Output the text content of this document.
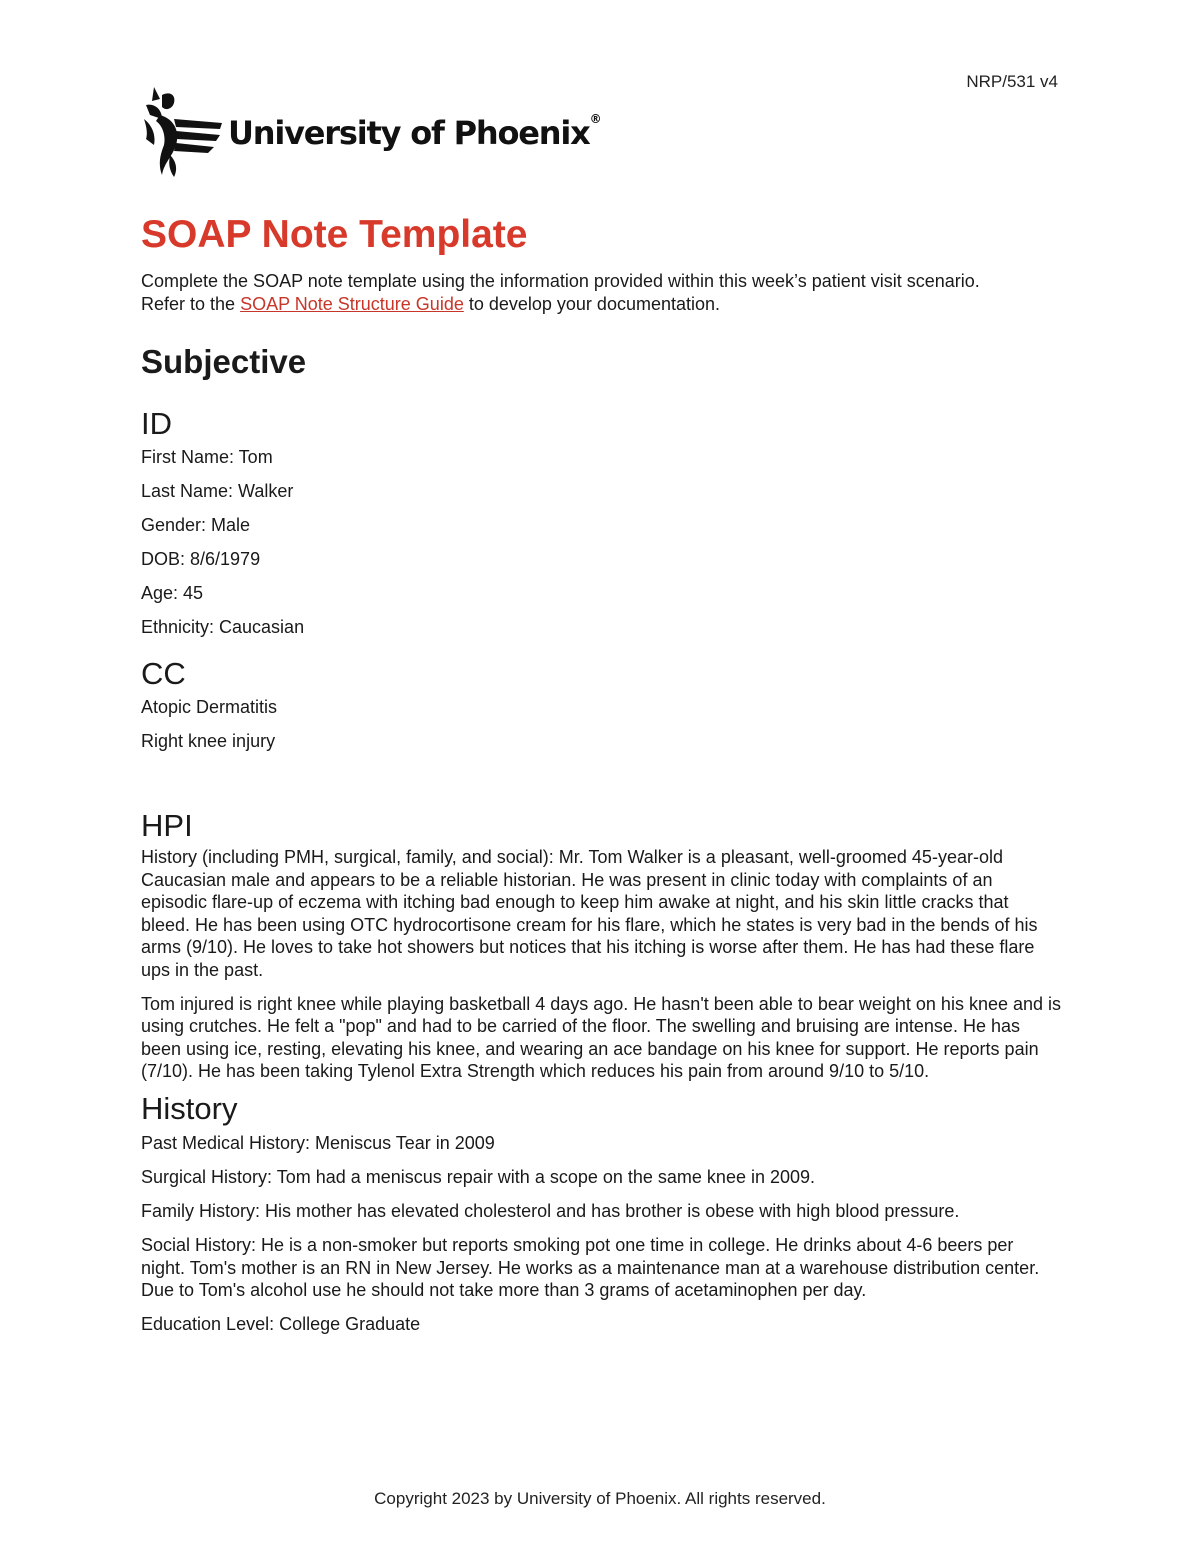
NRP/531 v4
University of Phoenix®
SOAP Note Template

Complete the SOAP note template using the information provided within this week’s patient visit scenario.
Refer to the SOAP Note Structure Guide to develop your documentation.

Subjective
ID

First Name: Tom

Last Name: Walker

Gender: Male

DOB: 8/6/1979

Age: 45

Ethnicity: Caucasian

CC

Atopic Dermatitis

Right knee injury

HPI

History (including PMH, surgical, family, and social): Mr. Tom Walker is a pleasant, well-groomed 45-year-old Caucasian male and appears to be a reliable historian. He was present in clinic today with complaints of an episodic flare-up of eczema with itching bad enough to keep him awake at night, and his skin little cracks that bleed. He has been using OTC hydrocortisone cream for his flare, which he states is very bad in the bends of his arms (9/10). He loves to take hot showers but notices that his itching is worse after them. He has had these flare ups in the past.

Tom injured is right knee while playing basketball 4 days ago. He hasn't been able to bear weight on his knee and is using crutches. He felt a "pop" and had to be carried of the floor. The swelling and bruising are intense. He has been using ice, resting, elevating his knee, and wearing an ace bandage on his knee for support. He reports pain (7/10). He has been taking Tylenol Extra Strength which reduces his pain from around 9/10 to 5/10.

History

Past Medical History: Meniscus Tear in 2009

Surgical History: Tom had a meniscus repair with a scope on the same knee in 2009.

Family History: His mother has elevated cholesterol and has brother is obese with high blood pressure.

Social History: He is a non-smoker but reports smoking pot one time in college. He drinks about 4-6 beers per night. Tom's mother is an RN in New Jersey. He works as a maintenance man at a warehouse distribution center. Due to Tom's alcohol use he should not take more than 3 grams of acetaminophen per day.

Education Level: College Graduate

Copyright 2023 by University of Phoenix. All rights reserved.
